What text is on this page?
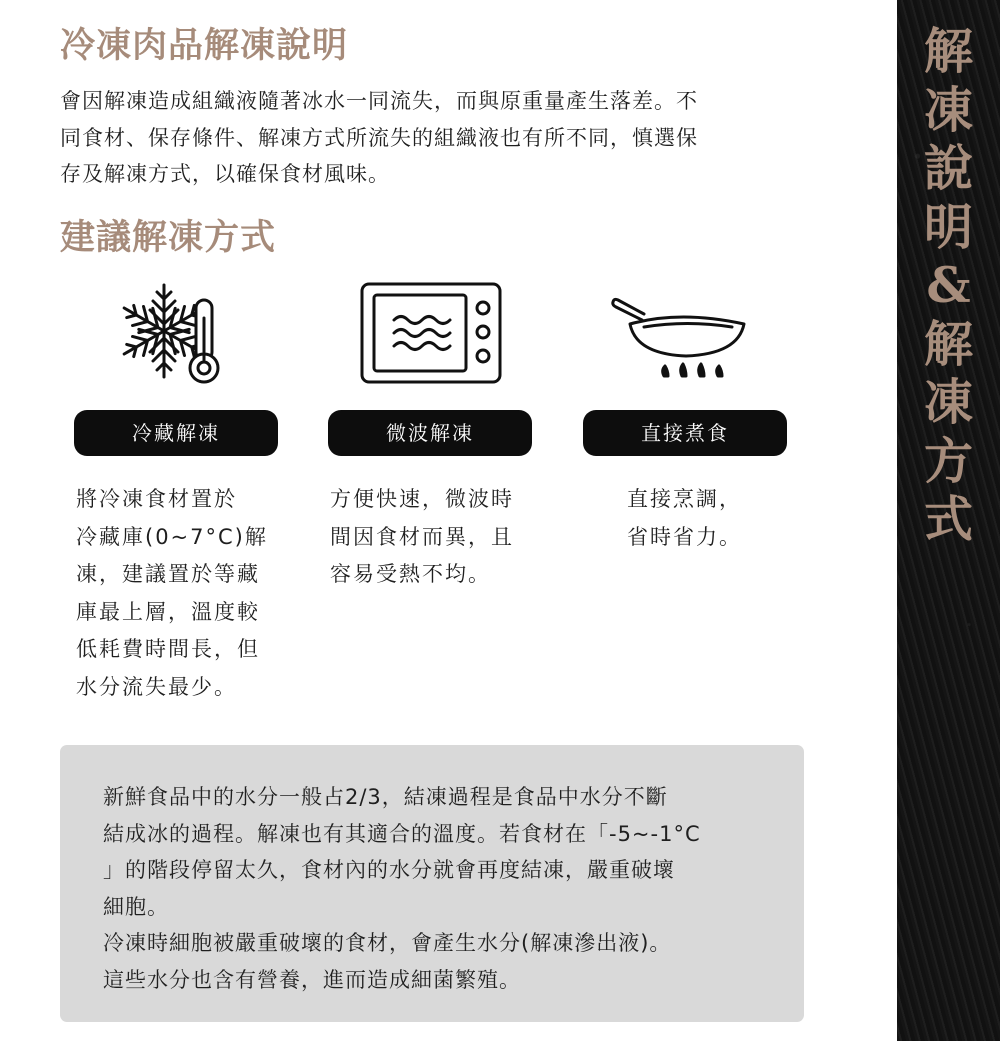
解
凍
說
明
&
解
凍
方
式
冷凍肉品解凍說明

會因解凍造成組織液隨著冰水一同流失，而與原重量產生落差。不
同食材、保存條件、解凍方式所流失的組織液也有所不同，慎選保
存及解凍方式，以確保食材風味。

建議解凍方式
冷藏解凍	微波解凍	直接煮食

將冷凍食材置於
冷藏庫(0~7°C)解
凍，建議置於等藏
庫最上層，溫度較
低耗費時間長，但
水分流失最少。

方便快速，微波時
間因食材而異，且
容易受熱不均。

直接烹調，
省時省力。

新鮮食品中的水分一般占2/3，結凍過程是食品中水分不斷
結成冰的過程。解凍也有其適合的溫度。若食材在「-5~-1°C
」的階段停留太久，食材內的水分就會再度結凍，嚴重破壞
細胞。
冷凍時細胞被嚴重破壞的食材，會產生水分(解凍滲出液)。
這些水分也含有營養，進而造成細菌繁殖。
